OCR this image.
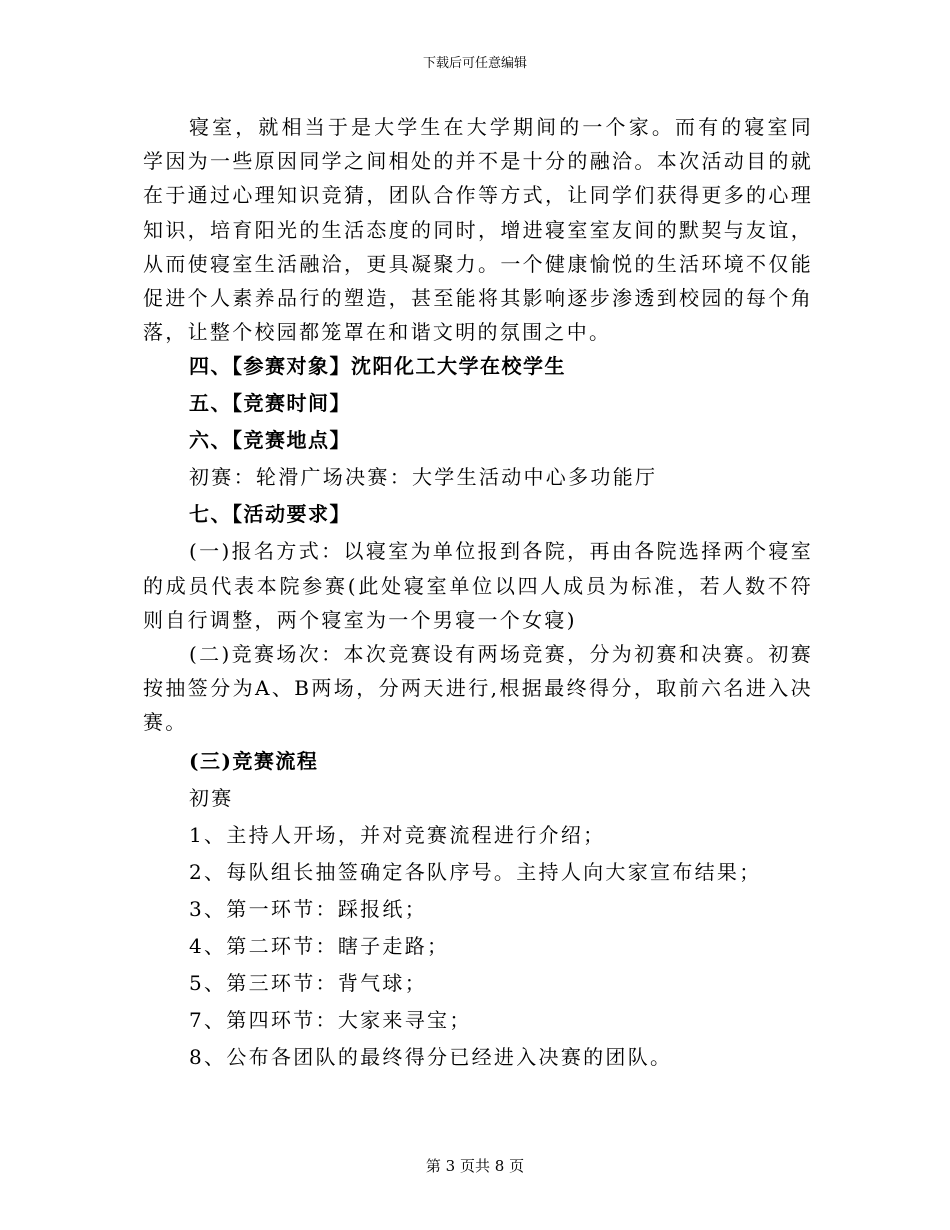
下载后可任意编辑

寝室，就相当于是大学生在大学期间的一个家。而有的寝室同学因为一些原因同学之间相处的并不是十分的融洽。本次活动目的就在于通过心理知识竞猜，团队合作等方式，让同学们获得更多的心理知识，培育阳光的生活态度的同时，增进寝室室友间的默契与友谊，从而使寝室生活融洽，更具凝聚力。一个健康愉悦的生活环境不仅能促进个人素养品行的塑造，甚至能将其影响逐步渗透到校园的每个角落，让整个校园都笼罩在和谐文明的氛围之中。

四、【参赛对象】沈阳化工大学在校学生
五、【竞赛时间】
六、【竞赛地点】
初赛：轮滑广场决赛：大学生活动中心多功能厅
七、【活动要求】

(一)报名方式：以寝室为单位报到各院，再由各院选择两个寝室的成员代表本院参赛(此处寝室单位以四人成员为标准，若人数不符则自行调整，两个寝室为一个男寝一个女寝)

(二)竞赛场次：本次竞赛设有两场竞赛，分为初赛和决赛。初赛按抽签分为A、B两场，分两天进行,根据最终得分，取前六名进入决赛。

(三)竞赛流程
初赛
1、主持人开场，并对竞赛流程进行介绍；
2、每队组长抽签确定各队序号。主持人向大家宣布结果；
3、第一环节：踩报纸；
4、第二环节：瞎子走路；
5、第三环节：背气球；
7、第四环节：大家来寻宝；
8、公布各团队的最终得分已经进入决赛的团队。
第 3 页共 8 页
